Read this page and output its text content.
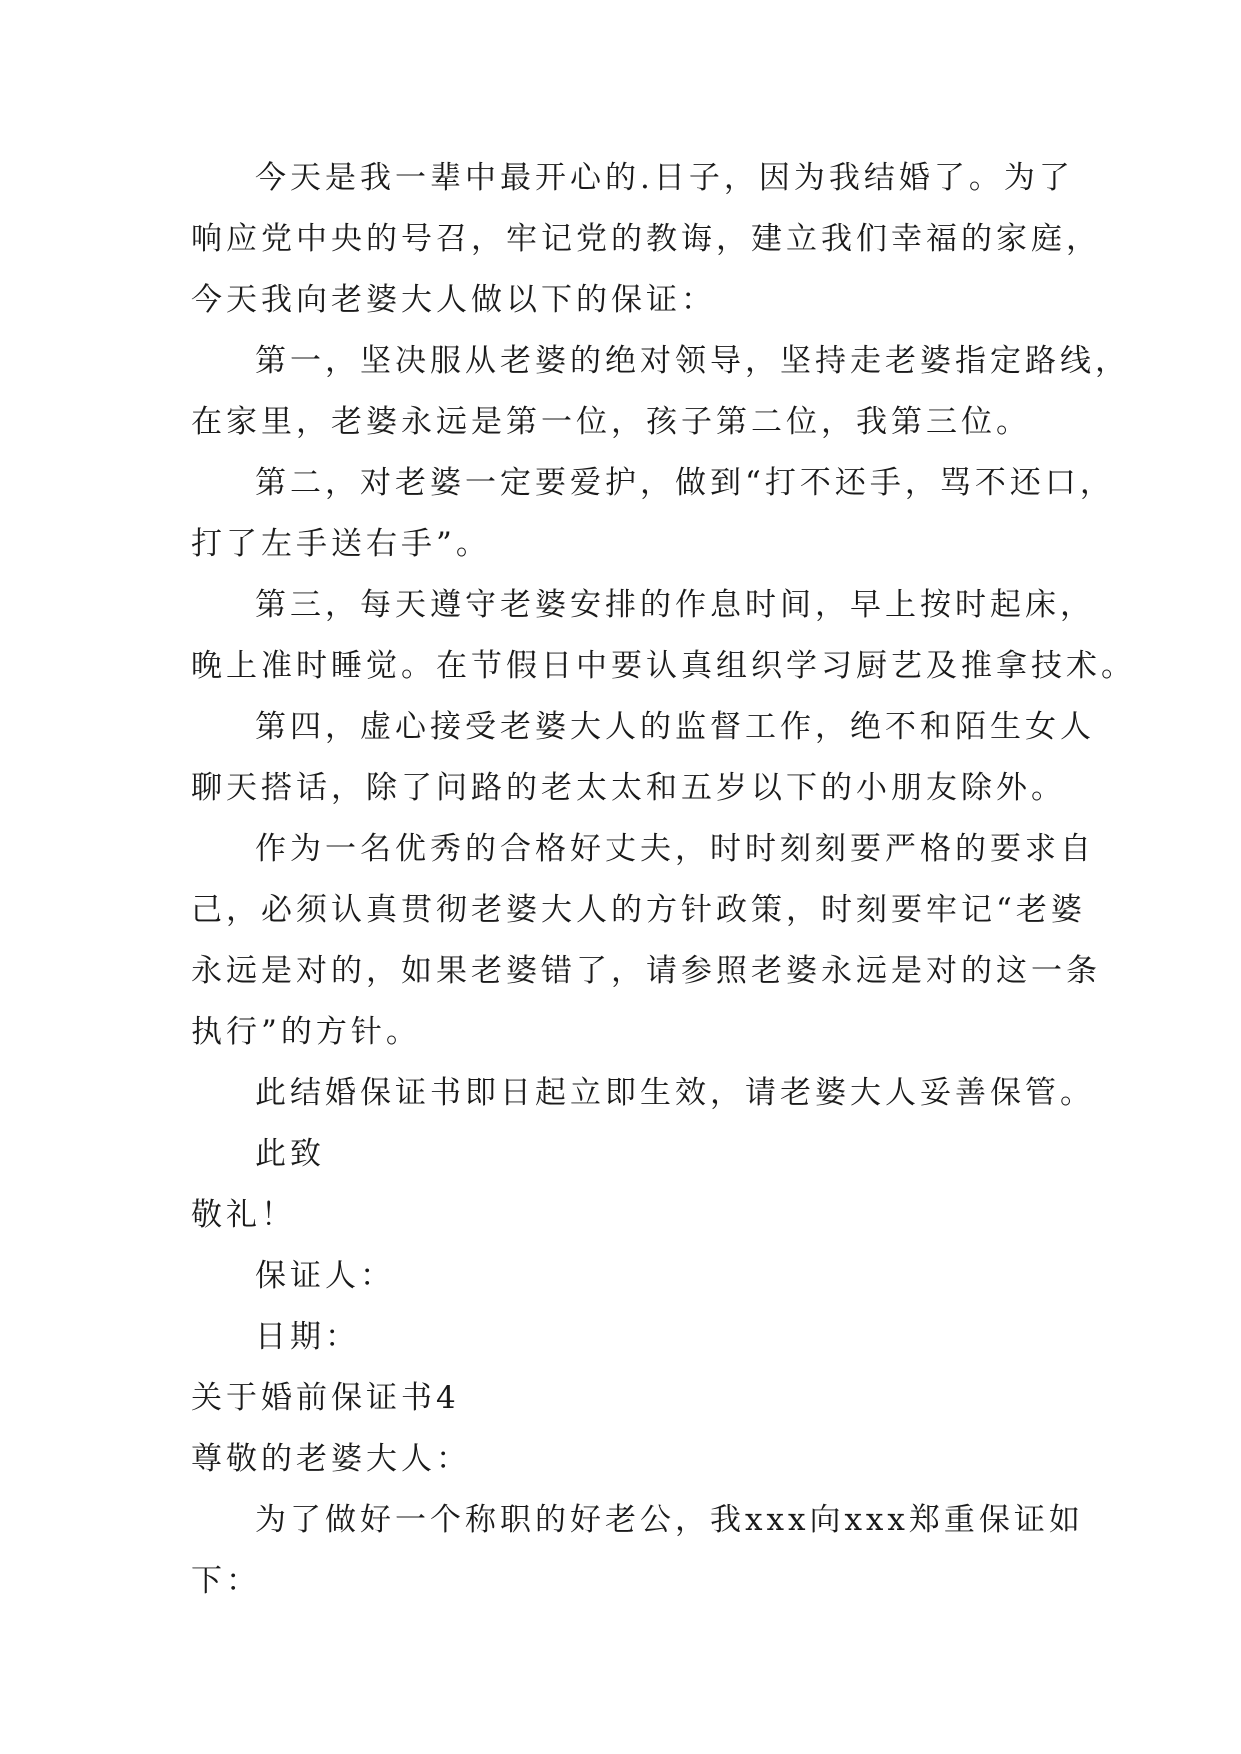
今天是我一辈中最开心的.日子，因为我结婚了。为了
响应党中央的号召，牢记党的教诲，建立我们幸福的家庭，
今天我向老婆大人做以下的保证：
第一，坚决服从老婆的绝对领导，坚持走老婆指定路线，
在家里，老婆永远是第一位，孩子第二位，我第三位。
第二，对老婆一定要爱护，做到“打不还手，骂不还口，
打了左手送右手”。
第三，每天遵守老婆安排的作息时间，早上按时起床，
晚上准时睡觉。在节假日中要认真组织学习厨艺及推拿技术。
第四，虚心接受老婆大人的监督工作，绝不和陌生女人
聊天搭话，除了问路的老太太和五岁以下的小朋友除外。
作为一名优秀的合格好丈夫，时时刻刻要严格的要求自
己，必须认真贯彻老婆大人的方针政策，时刻要牢记“老婆
永远是对的，如果老婆错了，请参照老婆永远是对的这一条
执行”的方针。
此结婚保证书即日起立即生效，请老婆大人妥善保管。
此致
敬礼！
保证人：
日期：
关于婚前保证书4
尊敬的老婆大人：
为了做好一个称职的好老公，我xxx向xxx郑重保证如
下：
